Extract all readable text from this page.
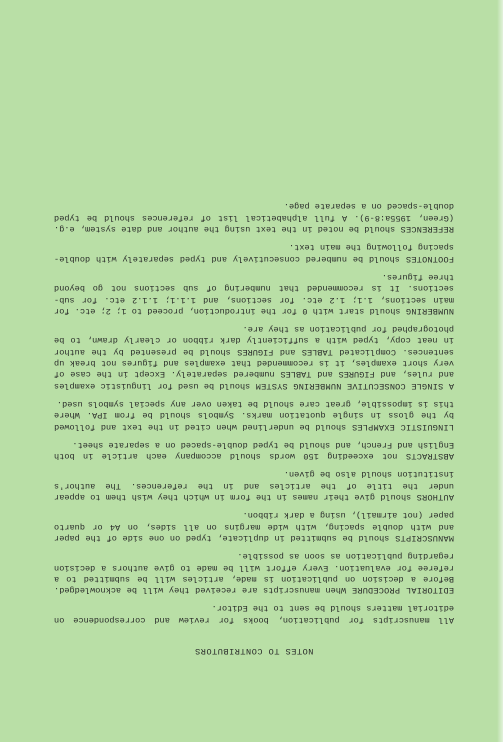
NOTES TO CONTRIBUTORS

All manuscripts for publication, books for review and correspondence on editorial matters should be sent to the Editor.

EDITORIAL PROCEDURE When manuscripts are received they will be acknowledged. Before a decision on publication is made, articles will be submitted to a referee for evaluation. Every effort will be made to give authors a decision regarding publication as soon as possible.

MANUSCRIPTS should be submitted in duplicate, typed on one side of the paper and with double spacing, with wide margins on all sides, on A4 or quarto paper (not airmail), using a dark ribbon.

AUTHORS should give their names in the form in which they wish them to appear under the title of the articles and in the references. The author's institution should also be given.

ABSTRACTS not exceeding 150 words should accompany each article in both English and French, and should be typed double-spaced on a separate sheet.

LINGUISTIC EXAMPLES should be underlined when cited in the text and followed by the gloss in single quotation marks. Symbols should be from IPA. Where this is impossible, great care should be taken over any special symbols used.

A SINGLE CONSECUTIVE NUMBERING SYSTEM should be used for linguistic examples and rules, and FIGURES and TABLES numbered separately. Except in the case of very short examples, it is recommended that examples and figures not break up sentences. Complicated TABLES and FIGURES should be presented by the author in neat copy, typed with a sufficiently dark ribbon or clearly drawn, to be photographed for publication as they are.

NUMBERING should start with 0 for the introduction, proceed to 1; 2; etc. for main sections, 1.1; 1.2 etc. for sections, and 1.1.1; 1.1.2 etc. for sub-sections. It is recommended that numbering of sub sections not go beyond three figures.

FOOTNOTES should be numbered consecutively and typed separately with double-spacing following the main text.

REFERENCES should be noted in the text using the author and date system, e.g. (Green, 1955a:8-9). A full alphabetical list of references should be typed double-spaced on a separate page.
